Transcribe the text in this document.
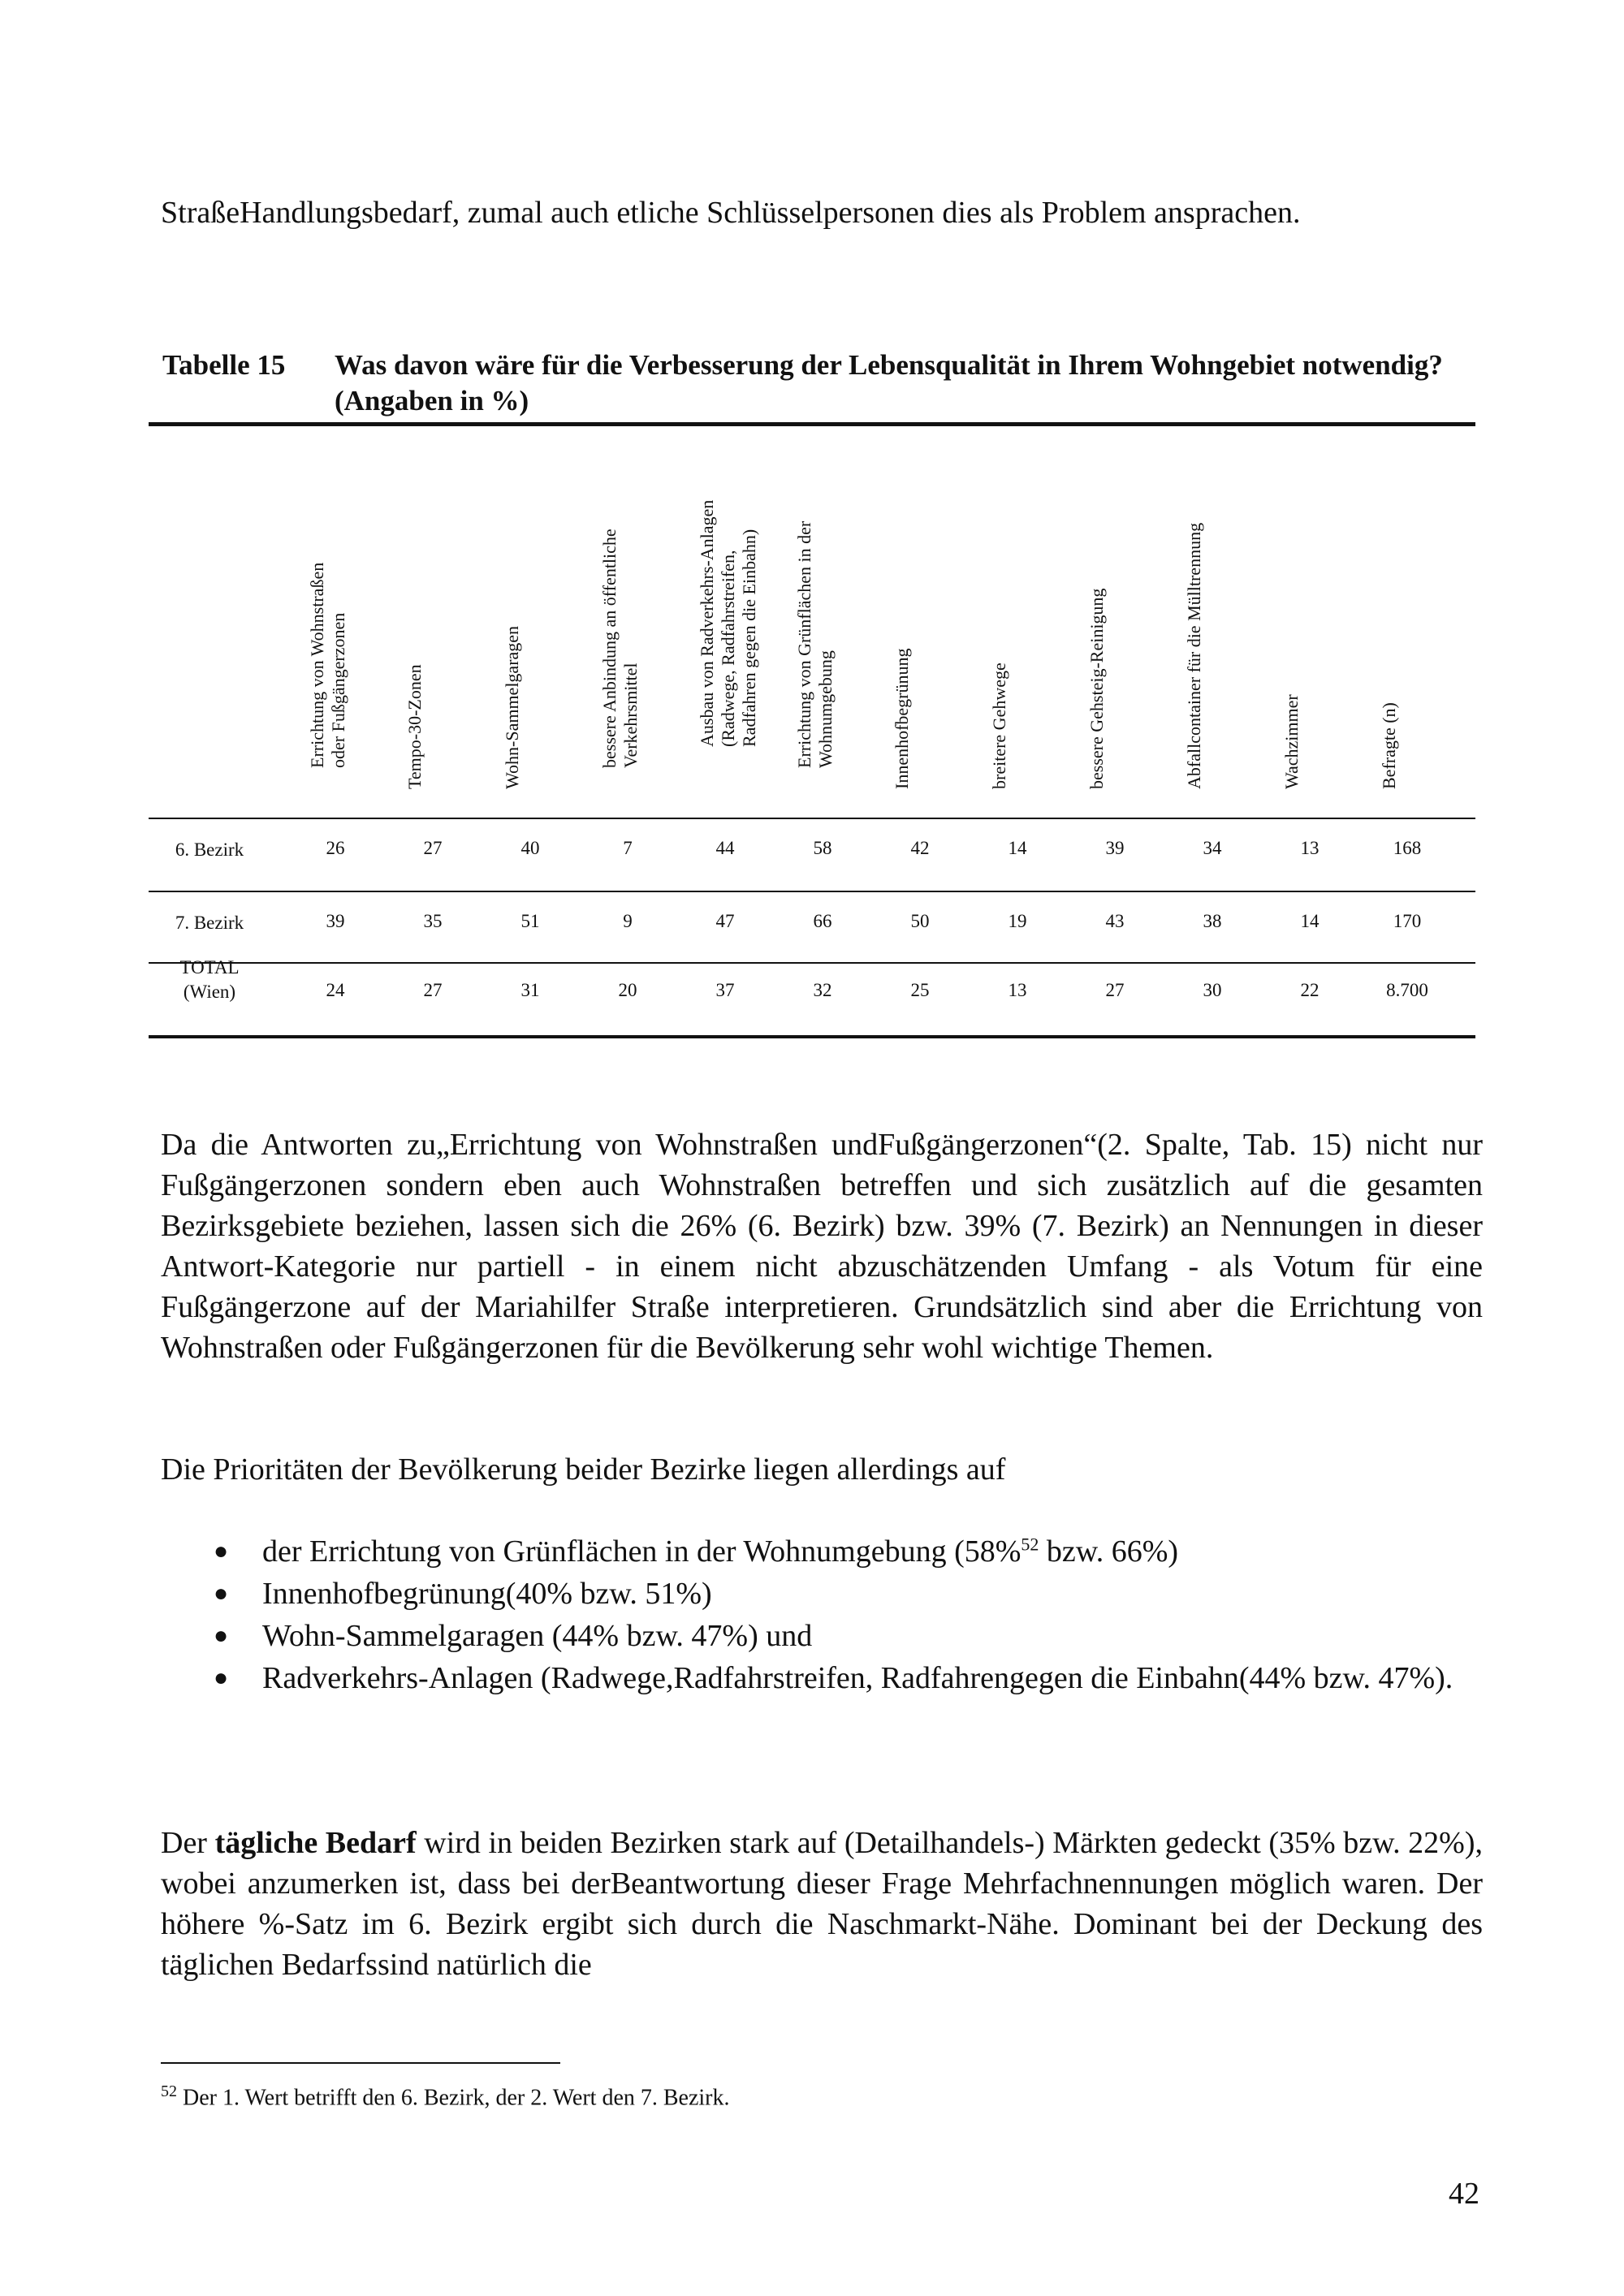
StraßeHandlungsbedarf, zumal auch etliche Schlüsselpersonen dies als Problem ansprachen.

Tabelle 15 Was davon wäre für die Verbesserung der Lebensqualität in Ihrem Wohngebiet notwendig?(Angaben in %)
Errichtung von Wohnstraßen
oder Fußgängerzonen	Tempo-30-Zonen	Wohn-Sammelgaragen	bessere Anbindung an öffentliche
Verkehrsmittel	Ausbau von Radverkehrs-Anlagen
(Radwege, Radfahrstreifen,
Radfahren gegen die Einbahn)
Errichtung von Grünflächen in der
Wohnumgebung	Innenhofbegrünung	breitere Gehwege	bessere Gehsteig-Reinigung	Abfallcontainer für die Mülltrennung	Wachzimmer	Befragte (n)
6. Bezirk	26	27	40	7	44	58	42	14	39	34	13	168
7. Bezirk	39	35	51	9	47	66	50	19	43	38	14	170
TOTAL
(Wien)	24	27	31	20	37	32	25	13	27	30	22	8.700

Da die Antworten zu„Errichtung von Wohnstraßen undFußgängerzonen“(2. Spalte, Tab. 15) nicht nur Fußgängerzonen sondern eben auch Wohnstraßen betreffen und sich zusätzlich auf die gesamten Bezirksgebiete beziehen, lassen sich die 26% (6. Bezirk) bzw. 39% (7. Bezirk) an Nennungen in dieser Antwort-Kategorie nur partiell - in einem nicht abzuschätzenden Umfang - als Votum für eine Fußgängerzone auf der Mariahilfer Straße interpretieren. Grundsätzlich sind aber die Errichtung von Wohnstraßen oder Fußgängerzonen für die Bevölkerung sehr wohl wichtige Themen.

Die Prioritäten der Bevölkerung beider Bezirke liegen allerdings auf

● der Errichtung von Grünflächen in der Wohnumgebung (58%$^{52}$ bzw. 66%)
● Innenhofbegrünung(40% bzw. 51%)
● Wohn-Sammelgaragen (44% bzw. 47%) und
● Radverkehrs-Anlagen (Radwege,Radfahrstreifen, Radfahrengegen die Einbahn(44% bzw. 47%).

Der tägliche Bedarf wird in beiden Bezirken stark auf (Detailhandels-) Märkten gedeckt (35% bzw. 22%), wobei anzumerken ist, dass bei derBeantwortung dieser Frage Mehrfachnennungen möglich waren. Der höhere %-Satz im 6. Bezirk ergibt sich durch die Naschmarkt-Nähe. Dominant bei der Deckung des täglichen Bedarfssind natürlich die

$^{52}$ Der 1. Wert betrifft den 6. Bezirk, der 2. Wert den 7. Bezirk.
42
